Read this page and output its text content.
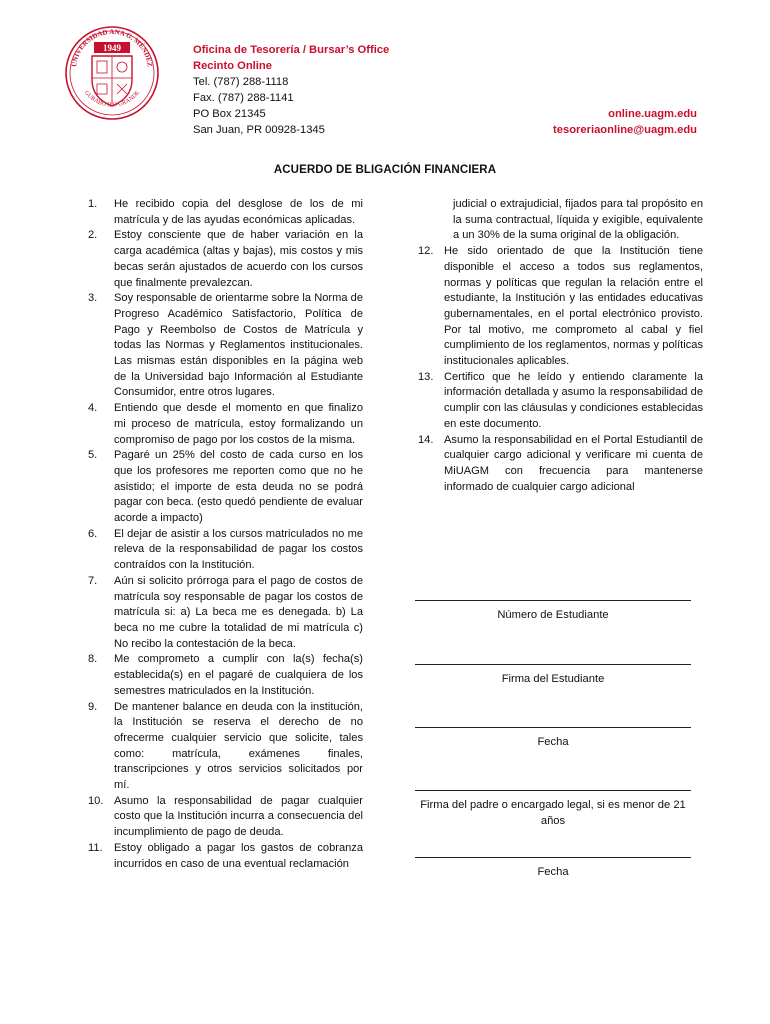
UNIVERSIDAD ANA G. MÉNDEZ
GURABO RÍO GRANDE
1949	Oficina de Tesorería / Bursar’s Office
Recinto Online
Tel. (787) 288-1118
Fax. (787) 288-1141
PO Box 21345
San Juan, PR 00928-1345
online.uagm.edu
tesoreriaonline@uagm.edu
ACUERDO DE BLIGACIÓN FINANCIERA
1.	He recibido copia del desglose de los de mi matrícula y de las ayudas económicas aplicadas.
2.	Estoy consciente que de haber variación en la carga académica (altas y bajas), mis costos y mis becas serán ajustados de acuerdo con los cursos que finalmente prevalezcan.
3.	Soy responsable de orientarme sobre la Norma de Progreso Académico Satisfactorio, Política de Pago y Reembolso de Costos de Matrícula y todas las Normas y Reglamentos institucionales. Las mismas están disponibles en la página web de la Universidad bajo Información al Estudiante Consumidor, entre otros lugares.
4.	Entiendo que desde el momento en que finalizo mi proceso de matrícula, estoy formalizando un compromiso de pago por los costos de la misma.
5.	Pagaré un 25% del costo de cada curso en los que los profesores me reporten como que no he asistido; el importe de esta deuda no se podrá pagar con beca. (esto quedó pendiente de evaluar acorde a impacto)
6.	El dejar de asistir a los cursos matriculados no me releva de la responsabilidad de pagar los costos contraídos con la Institución.
7.	Aún si solicito prórroga para el pago de costos de matrícula soy responsable de pagar los costos de matrícula si: a) La beca me es denegada. b) La beca no me cubre la totalidad de mi matrícula c) No recibo la contestación de la beca.
8.	Me comprometo a cumplir con la(s) fecha(s) establecida(s) en el pagaré de cualquiera de los semestres matriculados en la Institución.
9.	De mantener balance en deuda con la institución, la Institución se reserva el derecho de no ofrecerme cualquier servicio que solicite, tales como: matrícula, exámenes finales, transcripciones y otros servicios solicitados por mí.
10. Asumo la responsabilidad de pagar cualquier costo que la Institución incurra a consecuencia del incumplimiento de pago de deuda.
11.	Estoy obligado a pagar los gastos de cobranza incurridos en caso de una eventual reclamación
judicial o extrajudicial, fijados para tal propósito en la suma contractual, líquida y exigible, equivalente a un 30% de la suma original de la obligación.
12. He sido orientado de que la Institución tiene disponible el acceso a todos sus reglamentos, normas y políticas que regulan la relación entre el estudiante, la Institución y las entidades educativas gubernamentales, en el portal electrónico provisto. Por tal motivo, me comprometo al cabal y fiel cumplimiento de los reglamentos, normas y políticas institucionales aplicables.
13. Certifico que he leído y entiendo claramente la información detallada y asumo la responsabilidad de cumplir con las cláusulas y condiciones establecidas en este documento.
14. Asumo la responsabilidad en el Portal Estudiantil de cualquier cargo adicional y verificare mi cuenta de MiUAGM con frecuencia para mantenerse informado de cualquier cargo adicional
Número de Estudiante
Firma del Estudiante
Fecha
Firma del padre o encargado legal, si es menor de 21 años
Fecha
